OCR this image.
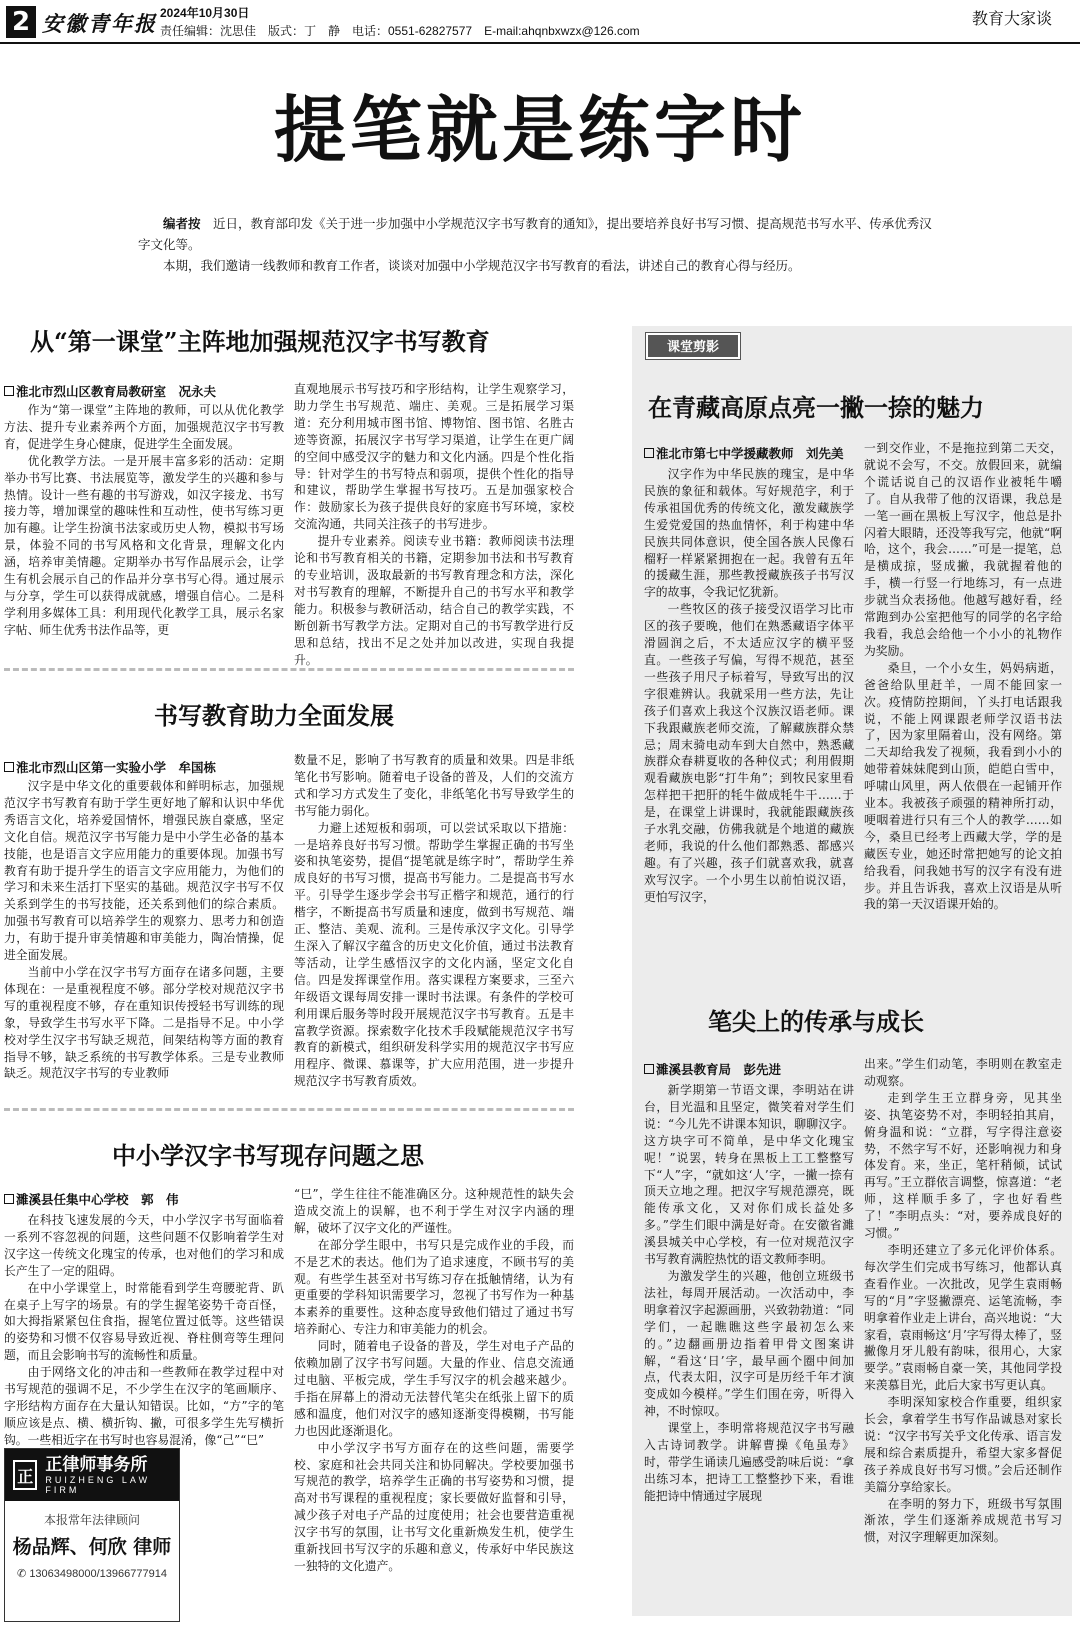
2 安徽青年报 2024年10月30日
责任编辑：沈思佳　版式：丁　静　电话：0551-62827577　E-mail:ahqnbxwzx@126.com
教育大家谈
提笔就是练字时

编者按　 近日，教育部印发《关于进一步加强中小学规范汉字书写教育的通知》，提出要培养良好书写习惯、提高规范书写水平、传承优秀汉字文化等。

本期，我们邀请一线教师和教育工作者，谈谈对加强中小学规范汉字书写教育的看法，讲述自己的教育心得与经历。

从“第一课堂”主阵地加强规范汉字书写教育
淮北市烈山区教育局教研室　况永夫

作为“第一课堂”主阵地的教师，可以从优化教学方法、提升专业素养两个方面，加强规范汉字书写教育，促进学生身心健康，促进学生全面发展。

优化教学方法。一是开展丰富多彩的活动：定期举办书写比赛、书法展览等，激发学生的兴趣和参与热情。设计一些有趣的书写游戏，如汉字接龙、书写接力等，增加课堂的趣味性和互动性，使书写练习更加有趣。让学生扮演书法家或历史人物，模拟书写场景，体验不同的书写风格和文化背景，理解文化内涵，培养审美情趣。定期举办书写作品展示会，让学生有机会展示自己的作品并分享书写心得。通过展示与分享，学生可以获得成就感，增强自信心。二是科学利用多媒体工具：利用现代化教学工具，展示名家字帖、师生优秀书法作品等，更

直观地展示书写技巧和字形结构，让学生观察学习，助力学生书写规范、端庄、美观。三是拓展学习渠道：充分利用城市图书馆、博物馆、图书馆、名胜古迹等资源，拓展汉字书写学习渠道，让学生在更广阔的空间中感受汉字的魅力和文化内涵。四是个性化指导：针对学生的书写特点和弱项，提供个性化的指导和建议，帮助学生掌握书写技巧。五是加强家校合作：鼓励家长为孩子提供良好的家庭书写环境，家校交流沟通，共同关注孩子的书写进步。

提升专业素养。阅读专业书籍：教师阅读书法理论和书写教育相关的书籍，定期参加书法和书写教育的专业培训，汲取最新的书写教育理念和方法，深化对书写教育的理解，不断提升自己的书写水平和教学能力。积极参与教研活动，结合自己的教学实践，不断创新书写教学方法。定期对自己的书写教学进行反思和总结，找出不足之处并加以改进，实现自我提升。

书写教育助力全面发展
淮北市烈山区第一实验小学　牟国栋

汉字是中华文化的重要载体和鲜明标志，加强规范汉字书写教育有助于学生更好地了解和认识中华优秀语言文化，培养爱国情怀，增强民族自豪感，坚定文化自信。规范汉字书写能力是中小学生必备的基本技能，也是语言文字应用能力的重要体现。加强书写教育有助于提升学生的语言文字应用能力，为他们的学习和未来生活打下坚实的基础。规范汉字书写不仅关系到学生的书写技能，还关系到他们的综合素质。加强书写教育可以培养学生的观察力、思考力和创造力，有助于提升审美情趣和审美能力，陶冶情操，促进全面发展。

当前中小学在汉字书写方面存在诸多问题，主要体现在：一是重视程度不够。部分学校对规范汉字书写的重视程度不够，存在重知识传授轻书写训练的现象，导致学生书写水平下降。二是指导不足。中小学校对学生汉字书写缺乏规范，间架结构等方面的教育指导不够，缺乏系统的书写教学体系。三是专业教师缺乏。规范汉字书写的专业教师

数量不足，影响了书写教育的质量和效果。四是非纸笔化书写影响。随着电子设备的普及，人们的交流方式和学习方式发生了变化，非纸笔化书写导致学生的书写能力弱化。

力避上述短板和弱项，可以尝试采取以下措施：一是培养良好书写习惯。帮助学生掌握正确的书写坐姿和执笔姿势，提倡“提笔就是练字时”，帮助学生养成良好的书写习惯，提高书写能力。二是提高书写水平。引导学生逐步学会书写正楷字和规范，通行的行楷字，不断提高书写质量和速度，做到书写规范、端正、整洁、美观、流利。三是传承汉字文化。引导学生深入了解汉字蕴含的历史文化价值，通过书法教育等活动，让学生感悟汉字的文化内涵，坚定文化自信。四是发挥课堂作用。落实课程方案要求，三至六年级语文课每周安排一课时书法课。有条件的学校可利用课后服务等时段开展规范汉字书写教育。五是丰富教学资源。探索数字化技术手段赋能规范汉字书写教育的新模式，组织研发科学实用的规范汉字书写应用程序、微课、慕课等，扩大应用范围，进一步提升规范汉字书写教育质效。

中小学汉字书写现存问题之思
濉溪县任集中心学校　郭　伟

在科技飞速发展的今天，中小学汉字书写面临着一系列不容忽视的问题，这些问题不仅影响着学生对汉字这一传统文化瑰宝的传承，也对他们的学习和成长产生了一定的阻碍。

在中小学课堂上，时常能看到学生弯腰驼背、趴在桌子上写字的场景。有的学生握笔姿势千奇百怪，如大拇指紧紧包住食指，握笔位置过低等。这些错误的姿势和习惯不仅容易导致近视、脊柱侧弯等生理问题，而且会影响书写的流畅性和质量。

由于网络文化的冲击和一些教师在教学过程中对书写规范的强调不足，不少学生在汉字的笔画顺序、字形结构方面存在大量认知错误。比如，“方”字的笔顺应该是点、横、横折钩、撇，可很多学生先写横折钩。一些相近字在书写时也容易混淆，像“己”“巳”

“巳”，学生往往不能准确区分。这种规范性的缺失会造成交流上的误解，也不利于学生对汉字内涵的理解，破坏了汉字文化的严谨性。

在部分学生眼中，书写只是完成作业的手段，而不是艺术的表达。他们为了追求速度，不顾书写的美观。有些学生甚至对书写练习存在抵触情绪，认为有更重要的学科知识需要学习，忽视了书写作为一种基本素养的重要性。这种态度导致他们错过了通过书写培养耐心、专注力和审美能力的机会。

同时，随着电子设备的普及，学生对电子产品的依赖加剧了汉字书写问题。大量的作业、信息交流通过电脑、平板完成，学生手写汉字的机会越来越少。手指在屏幕上的滑动无法替代笔尖在纸张上留下的质感和温度，他们对汉字的感知逐渐变得模糊，书写能力也因此逐渐退化。

中小学汉字书写方面存在的这些问题，需要学校、家庭和社会共同关注和协同解决。学校要加强书写规范的教学，培养学生正确的书写姿势和习惯，提高对书写课程的重视程度；家长要做好监督和引导，减少孩子对电子产品的过度使用；社会也要营造重视汉字书写的氛围，让书写文化重新焕发生机，使学生重新找回书写汉字的乐趣和意义，传承好中华民族这一独特的文化遗产。

正
正律师事务所
RUIZHENG LAW FIRM
本报常年法律顾问
杨品辉、何欣 律师
✆ 13063498000/13966777914
课堂剪影
在青藏高原点亮一撇一捺的魅力
淮北市第七中学援藏教师　刘先美

汉字作为中华民族的瑰宝，是中华民族的象征和载体。写好规范字，利于传承祖国优秀的传统文化，激发藏族学生爱党爱国的热血情怀，利于构建中华民族共同体意识，使全国各族人民像石榴籽一样紧紧拥抱在一起。我曾有五年的援藏生涯，那些教授藏族孩子书写汉字的故事，令我记忆犹新。

一些牧区的孩子接受汉语学习比市区的孩子要晚，他们在熟悉藏语字体平滑圆润之后，不太适应汉字的横平竖直。一些孩子写偏，写得不规范，甚至一些孩子用尺子标着写，导致写出的汉字很难辨认。我就采用一些方法，先让孩子们喜欢上我这个汉族汉语老师。课下我跟藏族老师交流，了解藏族群众禁忌；周末骑电动车到大自然中，熟悉藏族群众春耕夏收的各种仪式；利用假期观看藏族电影“打牛角”；到牧民家里看怎样把干把肝的牦牛做成牦牛干……于是，在课堂上讲课时，我就能跟藏族孩子水乳交融，仿佛我就是个地道的藏族老师，我说的什么他们都熟悉、都感兴趣。有了兴趣，孩子们就喜欢我，就喜欢写汉字。一个小男生以前怕说汉语，更怕写汉字，

一到交作业，不是拖拉到第二天交，就说不会写，不交。放假回来，就编个谎话说自己的汉语作业被牦牛嚼了。自从我带了他的汉语课，我总是一笔一画在黑板上写汉字，他总是扑闪着大眼睛，还没等我写完，他就“啊哈，这个，我会……”可是一提笔，总是横成掠，竖成撇，我就握着他的手，横一行竖一行地练习，有一点进步就当众表扬他。他越写越好看，经常跑到办公室把他写的同学的名字给我看，我总会给他一个小小的礼物作为奖励。

桑旦，一个小女生，妈妈病逝，爸爸给队里赶羊，一周不能回家一次。疫情防控期间，丫头打电话跟我说，不能上网课跟老师学汉语书法了，因为家里隔着山，没有网络。第二天却给我发了视频，我看到小小的她带着妹妹爬到山顶，皑皑白雪中，呼啸山风里，两人依偎在一起铺开作业本。我被孩子顽强的精神所打动，哽咽着进行只有三个人的教学……如今，桑旦已经考上西藏大学，学的是藏医专业，她还时常把她写的论文拍给我看，问我她书写的汉字有没有进步。并且告诉我，喜欢上汉语是从听我的第一天汉语课开始的。

笔尖上的传承与成长
濉溪县教育局　彭先进

新学期第一节语文课，李明站在讲台，目光温和且坚定，微笑着对学生们说：“今儿先不讲课本知识，聊聊汉字。这方块字可不简单，是中华文化瑰宝呢！”说罢，转身在黑板上工工整整写下“人”字，“就如这‘人’字，一撇一捺有顶天立地之理。把汉字写规范漂亮，既能传承文化，又对你们成长益处多多。”学生们眼中满是好奇。在安徽省濉溪县城关中心学校，有一位对规范汉字书写教育满腔热忱的语文教师李明。

为激发学生的兴趣，他创立班级书法社，每周开展活动。一次活动中，李明拿着汉字起源画册，兴致勃勃道：“同学们，一起瞧瞧这些字最初怎么来的。”边翻画册边指着甲骨文图案讲解，“看这‘日’字，最早画个圈中间加点，代表太阳，汉字可是历经千年才演变成如今模样。”学生们围在旁，听得入神，不时惊叹。

课堂上，李明常将规范汉字书写融入古诗词教学。讲解曹操《龟虽寿》时，带学生诵读几遍感受韵味后说：“拿出练习本，把诗工工整整抄下来，看谁能把诗中情通过字展现

出来。”学生们动笔，李明则在教室走动观察。

走到学生王立群身旁，见其坐姿、执笔姿势不对，李明轻拍其肩，俯身温和说：“立群，写字得注意姿势，不然字写不好，还影响视力和身体发育。来，坐正，笔杆稍倾，试试再写。”王立群依言调整，惊喜道：“老师，这样顺手多了，字也好看些了！”李明点头：“对，要养成良好的习惯。”

李明还建立了多元化评价体系。每次学生们完成书写练习，他都认真查看作业。一次批改，见学生袁雨畅写的“月”字竖撇漂亮、运笔流畅，李明拿着作业走上讲台，高兴地说：“大家看，袁雨畅这‘月’字写得太棒了，竖撇像月牙儿般有韵味，很用心，大家要学。”袁雨畅自豪一笑，其他同学投来羡慕目光，此后大家书写更认真。

李明深知家校合作重要，组织家长会，拿着学生书写作品诚恳对家长说：“汉字书写关乎文化传承、语言发展和综合素质提升，希望大家多督促孩子养成良好书写习惯。”会后还制作美篇分享给家长。

在李明的努力下，班级书写氛围渐浓，学生们逐渐养成规范书写习惯，对汉字理解更加深刻。
